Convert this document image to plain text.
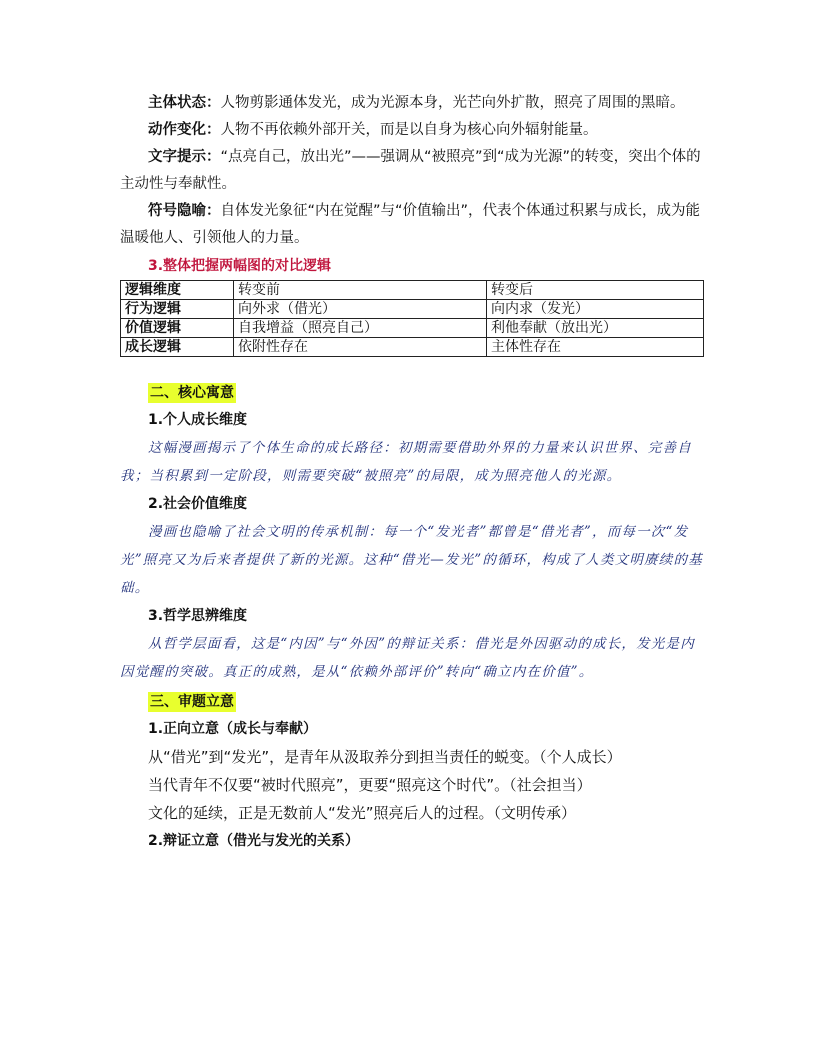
主体状态：人物剪影通体发光，成为光源本身，光芒向外扩散，照亮了周围的黑暗。

动作变化：人物不再依赖外部开关，而是以自身为核心向外辐射能量。

文字提示：“点亮自己，放出光”——强调从“被照亮”到“成为光源”的转变，突出个体的主动性与奉献性。

符号隐喻：自体发光象征“内在觉醒”与“价值输出”，代表个体通过积累与成长，成为能温暖他人、引领他人的力量。

3.整体把握两幅图的对比逻辑

逻辑维度	转变前	转变后
行为逻辑	向外求（借光）	向内求（发光）
价值逻辑	自我增益（照亮自己）	利他奉献（放出光）
成长逻辑	依附性存在	主体性存在

二、核心寓意

1.个人成长维度

这幅漫画揭示了个体生命的成长路径：初期需要借助外界的力量来认识世界、完善自我；当积累到一定阶段，则需要突破“被照亮”的局限，成为照亮他人的光源。

2.社会价值维度

漫画也隐喻了社会文明的传承机制：每一个“发光者”都曾是“借光者”，而每一次“发光”照亮又为后来者提供了新的光源。这种“借光—发光”的循环，构成了人类文明赓续的基础。

3.哲学思辨维度

从哲学层面看，这是“内因”与“外因”的辩证关系：借光是外因驱动的成长，发光是内因觉醒的突破。真正的成熟，是从“依赖外部评价”转向“确立内在价值”。

三、审题立意

1.正向立意（成长与奉献）

从“借光”到“发光”，是青年从汲取养分到担当责任的蜕变。（个人成长）

当代青年不仅要“被时代照亮”，更要“照亮这个时代”。（社会担当）

文化的延续，正是无数前人“发光”照亮后人的过程。（文明传承）

2.辩证立意（借光与发光的关系）
